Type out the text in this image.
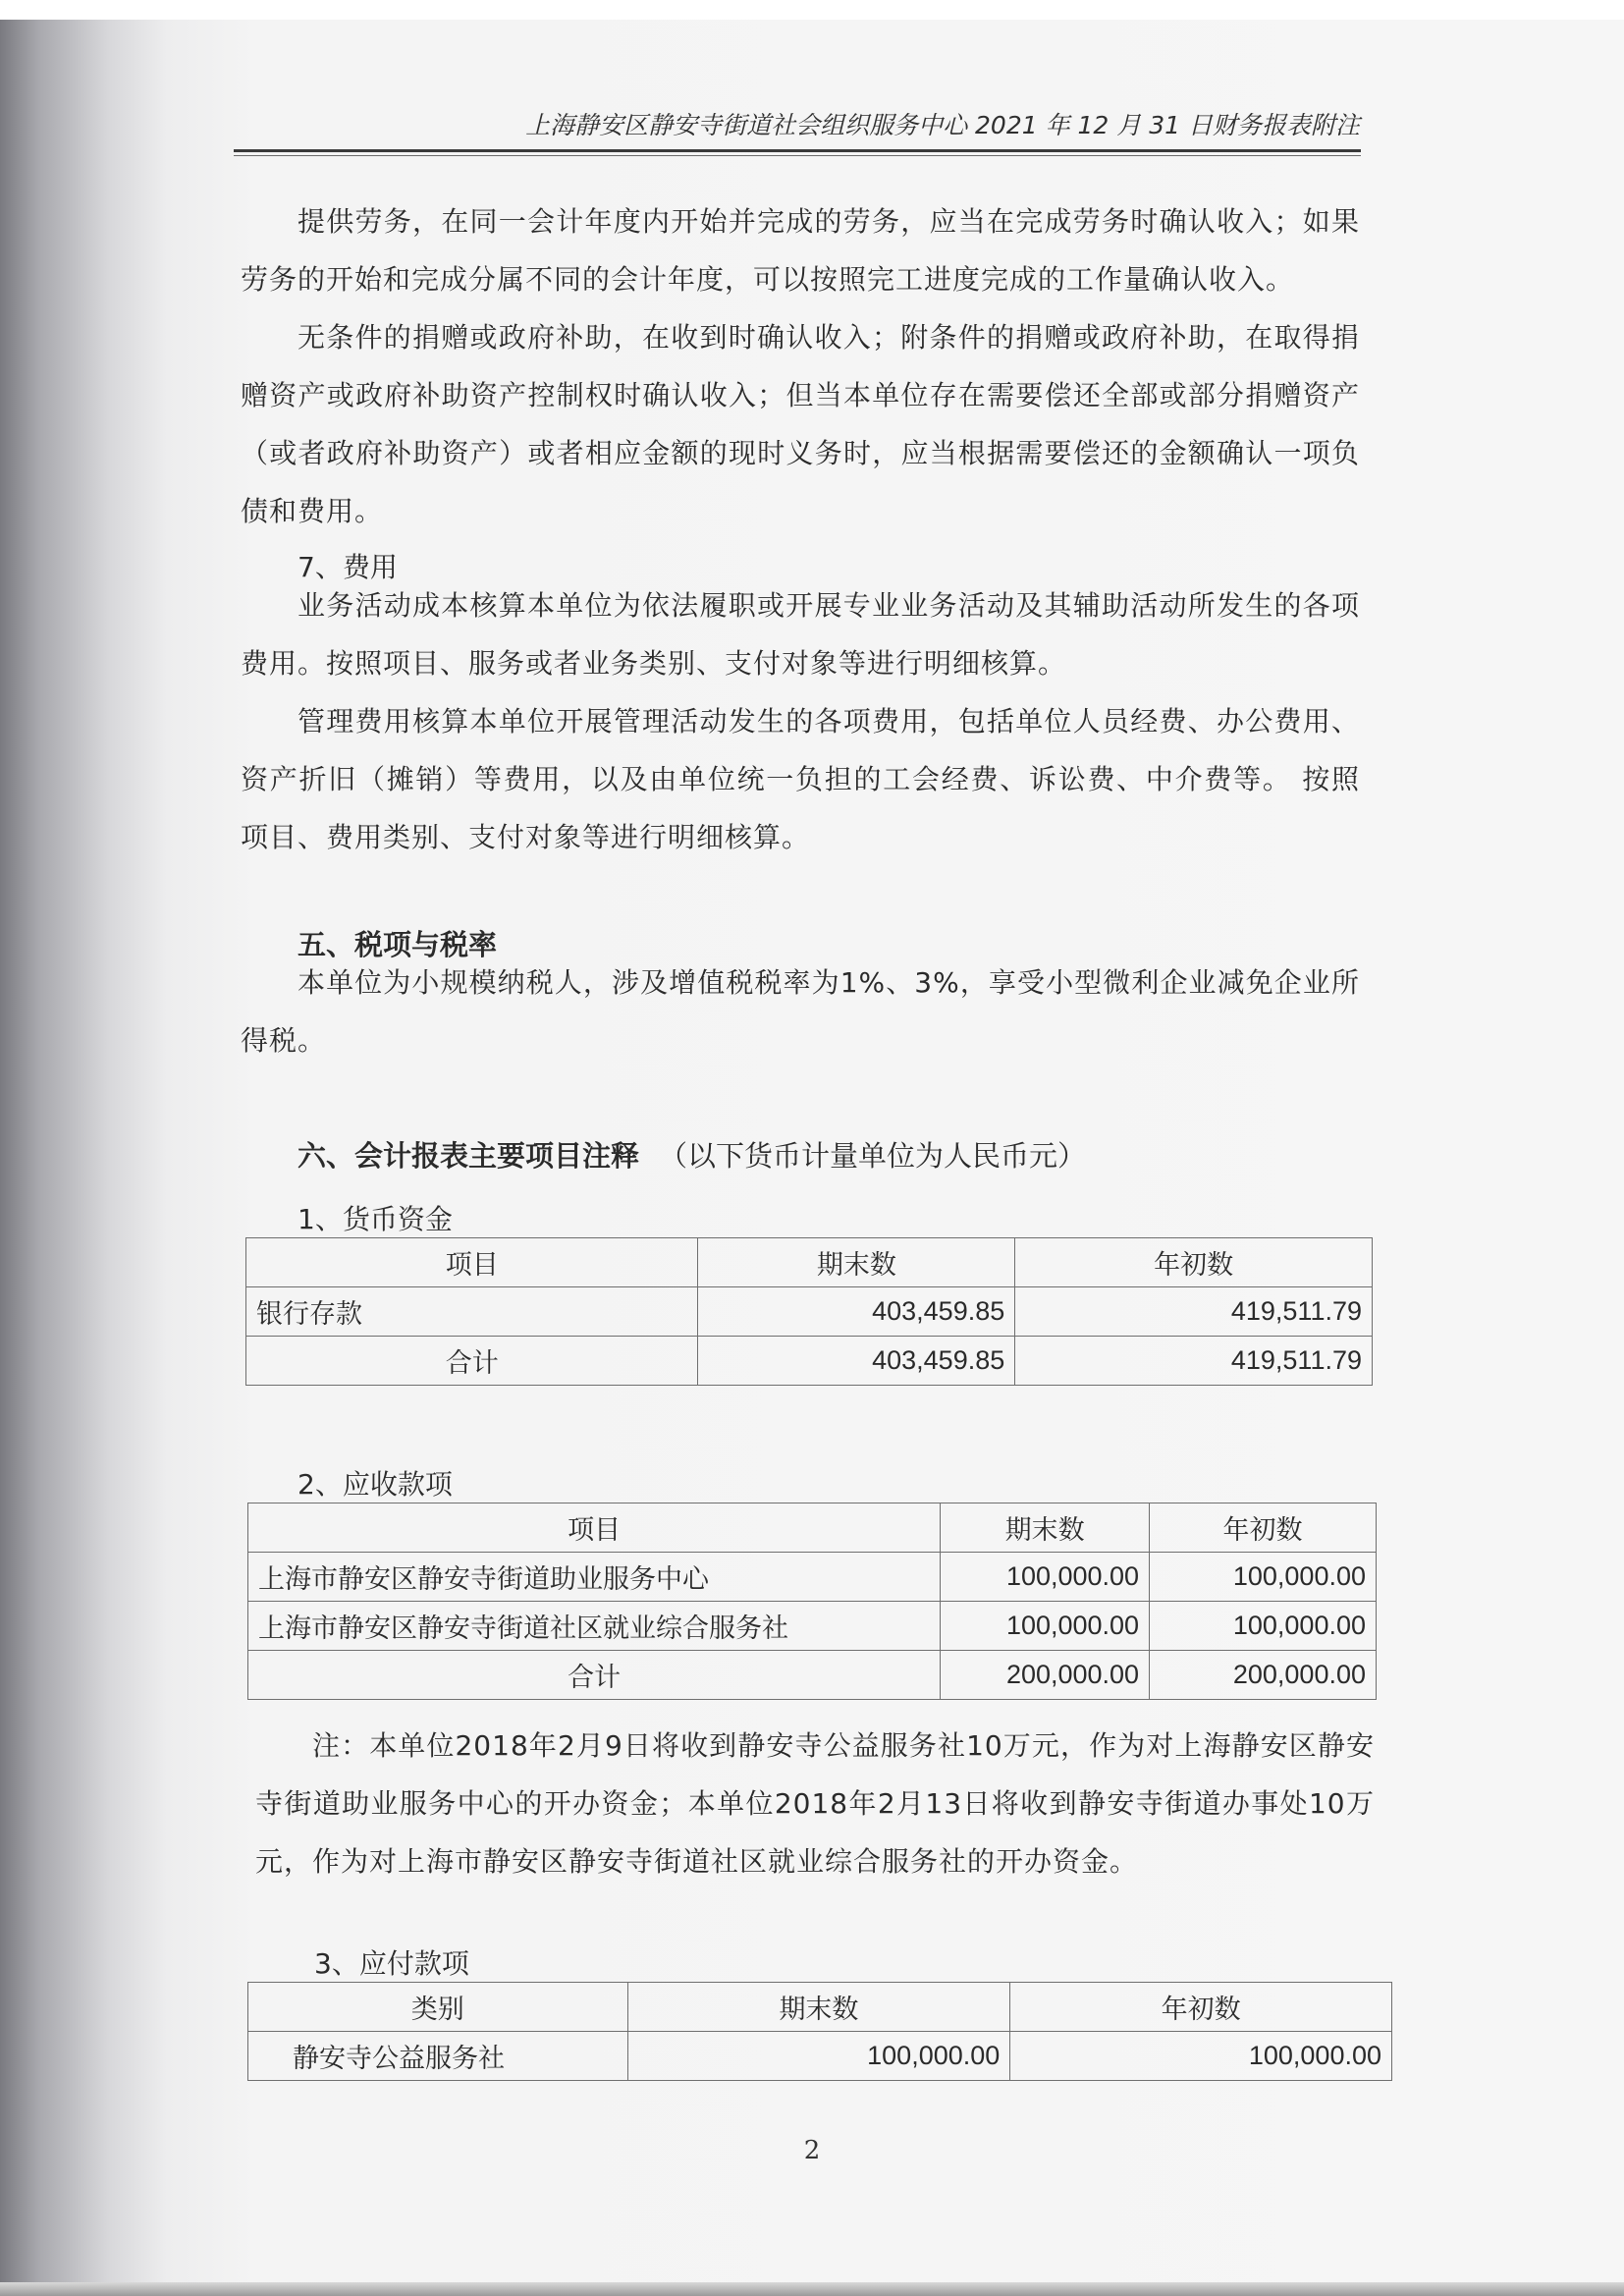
上海静安区静安寺街道社会组织服务中心 2021 年 12 月 31 日财务报表附注

提供劳务，在同一会计年度内开始并完成的劳务，应当在完成劳务时确认收入；如果劳务的开始和完成分属不同的会计年度，可以按照完工进度完成的工作量确认收入。

无条件的捐赠或政府补助，在收到时确认收入；附条件的捐赠或政府补助，在取得捐赠资产或政府补助资产控制权时确认收入；但当本单位存在需要偿还全部或部分捐赠资产（或者政府补助资产）或者相应金额的现时义务时，应当根据需要偿还的金额确认一项负债和费用。

7、费用

业务活动成本核算本单位为依法履职或开展专业业务活动及其辅助活动所发生的各项费用。按照项目、服务或者业务类别、支付对象等进行明细核算。

管理费用核算本单位开展管理活动发生的各项费用，包括单位人员经费、办公费用、资产折旧（摊销）等费用，以及由单位统一负担的工会经费、诉讼费、中介费等。 按照项目、费用类别、支付对象等进行明细核算。

五、税项与税率

本单位为小规模纳税人，涉及增值税税率为1%、3%，享受小型微利企业减免企业所得税。

六、会计报表主要项目注释 （以下货币计量单位为人民币元）

1、货币资金

项目	期末数	年初数
银行存款	403,459.85	419,511.79
合计	403,459.85	419,511.79

2、应收款项

项目	期末数	年初数
上海市静安区静安寺街道助业服务中心	100,000.00	100,000.00
上海市静安区静安寺街道社区就业综合服务社	100,000.00	100,000.00
合计	200,000.00	200,000.00

注：本单位2018年2月9日将收到静安寺公益服务社10万元，作为对上海静安区静安寺街道助业服务中心的开办资金；本单位2018年2月13日将收到静安寺街道办事处10万元，作为对上海市静安区静安寺街道社区就业综合服务社的开办资金。

3、应付款项

类别	期末数	年初数
静安寺公益服务社	100,000.00	100,000.00
2
